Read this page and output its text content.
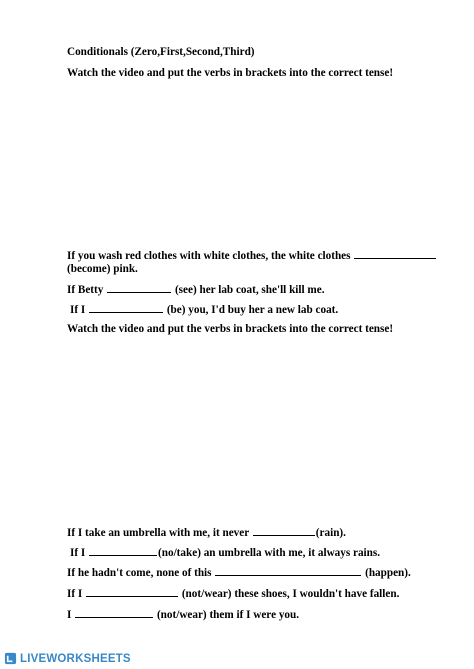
Conditionals (Zero,First,Second,Third)
Watch the video and put the verbs in brackets into the correct tense!
If you wash red clothes with white clothes, the white clothes
(become) pink.
If Betty	(see) her lab coat, she'll kill me.
If I	(be) you, I'd buy her a new lab coat.
Watch the video and put the verbs in brackets into the correct tense!
If I take an umbrella with me, it never	(rain).
If I	(no/take) an umbrella with me, it always rains.
If he hadn't come, none of this	(happen).
If I	(not/wear) these shoes, I wouldn't have fallen.
I	(not/wear) them if I were you.
LIVEWORKSHEETS
